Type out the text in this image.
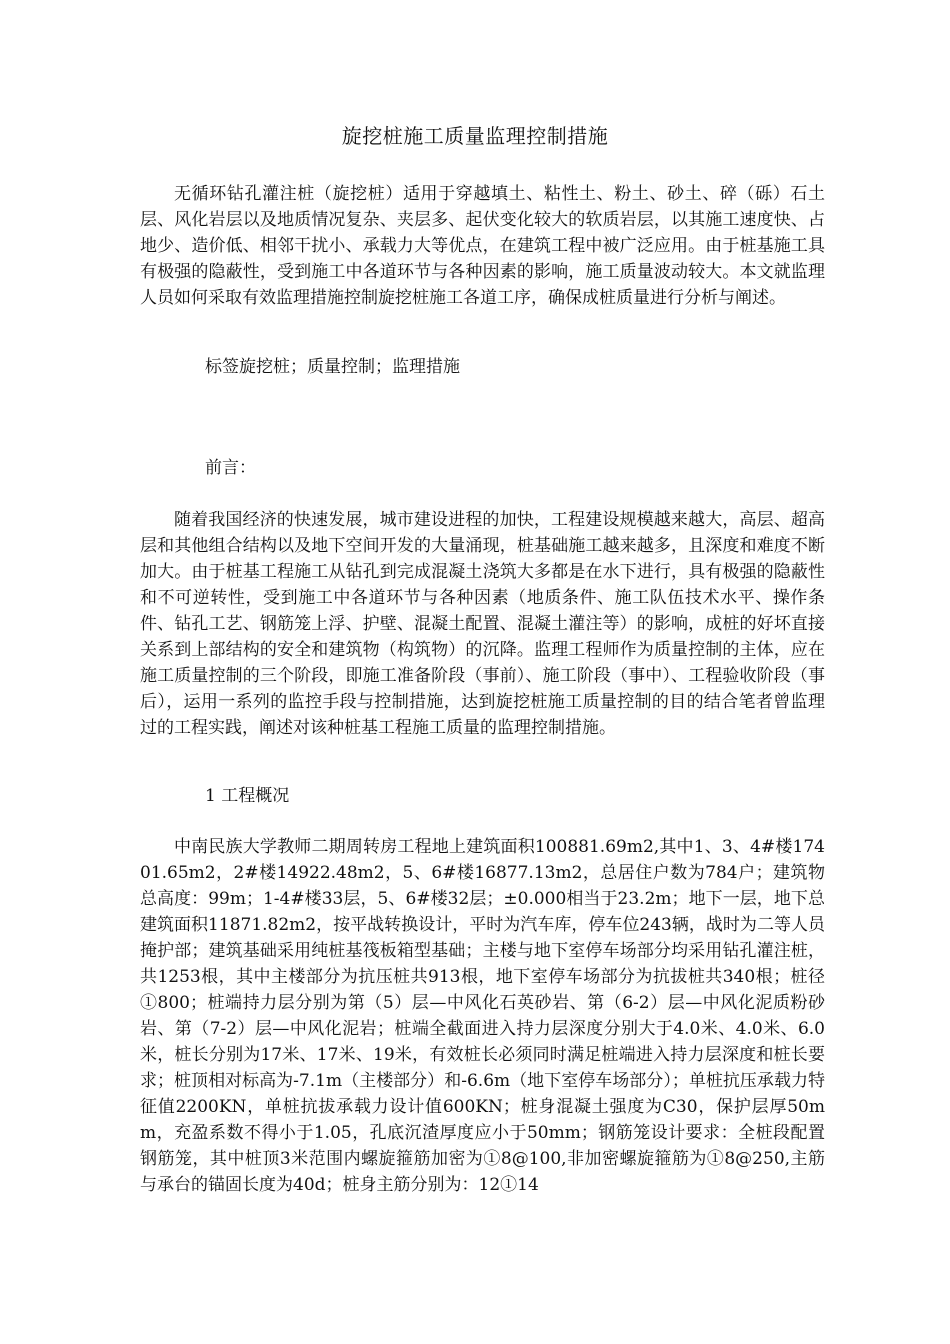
旋挖桩施工质量监理控制措施
无循环钻孔灌注桩（旋挖桩）适用于穿越填土、粘性土、粉土、砂土、碎（砾）石土层、风化岩层以及地质情况复杂、夹层多、起伏变化较大的软质岩层，以其施工速度快、占地少、造价低、相邻干扰小、承载力大等优点，在建筑工程中被广泛应用。由于桩基施工具有极强的隐蔽性，受到施工中各道环节与各种因素的影响，施工质量波动较大。本文就监理人员如何采取有效监理措施控制旋挖桩施工各道工序，确保成桩质量进行分析与阐述。
标签旋挖桩；质量控制；监理措施
前言：
随着我国经济的快速发展，城市建设进程的加快，工程建设规模越来越大，高层、超高层和其他组合结构以及地下空间开发的大量涌现，桩基础施工越来越多，且深度和难度不断加大。由于桩基工程施工从钻孔到完成混凝土浇筑大多都是在水下进行，具有极强的隐蔽性和不可逆转性，受到施工中各道环节与各种因素（地质条件、施工队伍技术水平、操作条件、钻孔工艺、钢筋笼上浮、护壁、混凝土配置、混凝土灌注等）的影响，成桩的好坏直接关系到上部结构的安全和建筑物（构筑物）的沉降。监理工程师作为质量控制的主体，应在施工质量控制的三个阶段，即施工准备阶段（事前）、施工阶段（事中）、工程验收阶段（事后），运用一系列的监控手段与控制措施，达到旋挖桩施工质量控制的目的结合笔者曾监理过的工程实践，阐述对该种桩基工程施工质量的监理控制措施。
1 工程概况
中南民族大学教师二期周转房工程地上建筑面积100881.69m2,其中1、3、4#楼17401.65m2，2#楼14922.48m2，5、6#楼16877.13m2，总居住户数为784户；建筑物总高度：99m；1-4#楼33层，5、6#楼32层；±0.000相当于23.2m；地下一层，地下总建筑面积11871.82m2，按平战转换设计，平时为汽车库，停车位243辆，战时为二等人员掩护部；建筑基础采用纯桩基筏板箱型基础；主楼与地下室停车场部分均采用钻孔灌注桩，共1253根，其中主楼部分为抗压桩共913根，地下室停车场部分为抗拔桩共340根；桩径①800；桩端持力层分别为第（5）层—中风化石英砂岩、第（6-2）层—中风化泥质粉砂岩、第（7-2）层—中风化泥岩；桩端全截面进入持力层深度分别大于4.0米、4.0米、6.0米，桩长分别为17米、17米、19米，有效桩长必须同时满足桩端进入持力层深度和桩长要求；桩顶相对标高为-7.1m（主楼部分）和-6.6m（地下室停车场部分）；单桩抗压承载力特征值2200KN，单桩抗拔承载力设计值600KN；桩身混凝土强度为C30，保护层厚50mm，充盈系数不得小于1.05，孔底沉渣厚度应小于50mm；钢筋笼设计要求：全桩段配置钢筋笼，其中桩顶3米范围内螺旋箍筋加密为①8@100,非加密螺旋箍筋为①8@250,主筋与承台的锚固长度为40d；桩身主筋分别为：12①14
